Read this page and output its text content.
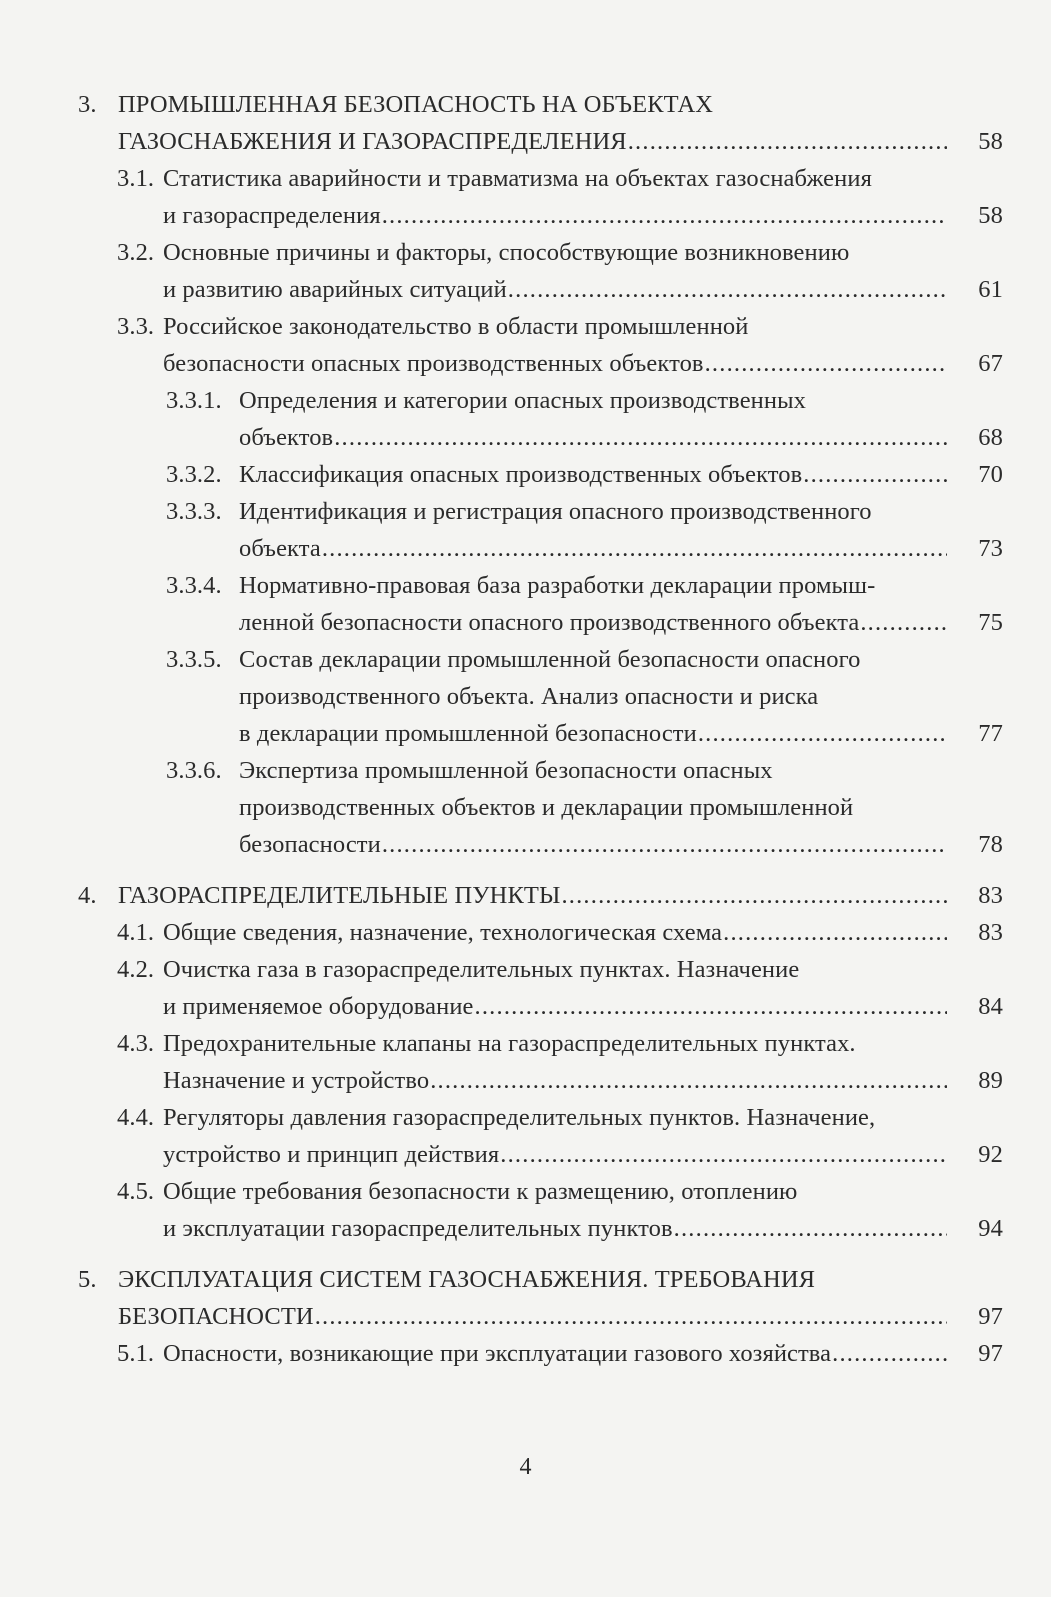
3. ПРОМЫШЛЕННАЯ БЕЗОПАСНОСТЬ НА ОБЪЕКТАХ
ГАЗОСНАБЖЕНИЯ И ГАЗОРАСПРЕДЕЛЕНИЯ .....	58
3.1. Статистика аварийности и травматизма на объектах газоснабжения
и газораспределения .....	58
3.2. Основные причины и факторы, способствующие возникновению
и развитию аварийных ситуаций .....	61
3.3. Российское законодательство в области промышленной
безопасности опасных производственных объектов .....	67
3.3.1. Определения и категории опасных производственных
объектов .....	68
3.3.2. Классификация опасных производственных объектов .....	70
3.3.3. Идентификация и регистрация опасного производственного
объекта .....	73
3.3.4. Нормативно-правовая база разработки декларации промыш-
ленной безопасности опасного производственного объекта .....	75
3.3.5. Состав декларации промышленной безопасности опасного
производственного объекта. Анализ опасности и риска
в декларации промышленной безопасности .....	77
3.3.6. Экспертиза промышленной безопасности опасных
производственных объектов и декларации промышленной
безопасности .....	78
4. ГАЗОРАСПРЕДЕЛИТЕЛЬНЫЕ ПУНКТЫ .....	83
4.1. Общие сведения, назначение, технологическая схема .....	83
4.2. Очистка газа в газораспределительных пунктах. Назначение
и применяемое оборудование .....	84
4.3. Предохранительные клапаны на газораспределительных пунктах.
Назначение и устройство .....	89
4.4. Регуляторы давления газораспределительных пунктов. Назначение,
устройство и принцип действия .....	92
4.5. Общие требования безопасности к размещению, отоплению
и эксплуатации газораспределительных пунктов .....	94
5. ЭКСПЛУАТАЦИЯ СИСТЕМ ГАЗОСНАБЖЕНИЯ. ТРЕБОВАНИЯ
БЕЗОПАСНОСТИ .....	97
5.1. Опасности, возникающие при эксплуатации газового хозяйства .....	97
4
